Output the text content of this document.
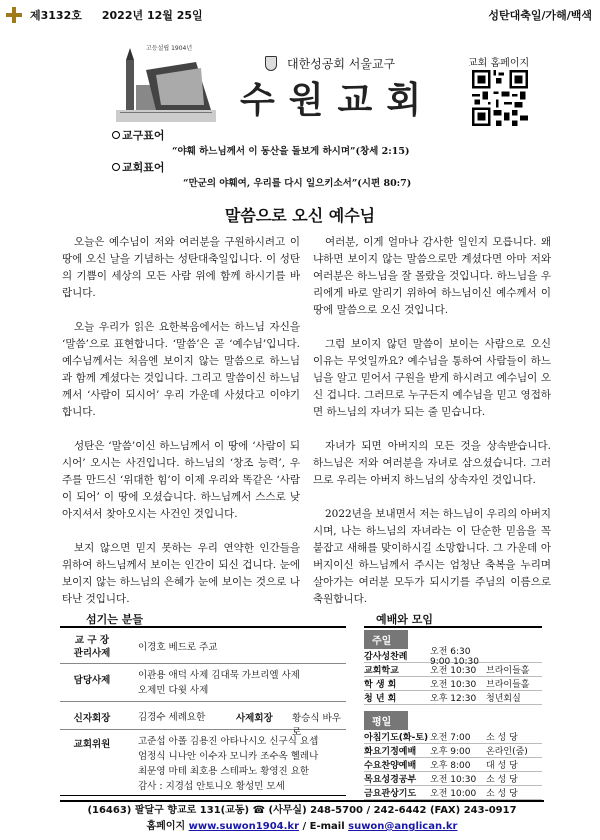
제3132호 2022년 12월 25일	성탄대축일/가해/백색
고등설립 1904년
대한성공회 서울교구
수원교회
교회 홈페이지
교구표어
“야훼 하느님께서 이 동산을 돌보게 하시며”(창세 2:15)
교회표어
“만군의 야훼여, 우리를 다시 일으키소서”(시편 80:7)
말씀으로 오신 예수님

오늘은 예수님이 저와 여러분을 구원하시려고 이 땅에 오신 날을 기념하는 성탄대축일입니다. 이 성탄의 기쁨이 세상의 모든 사람 위에 함께 하시기를 바랍니다.

오늘 우리가 읽은 요한복음에서는 하느님 자신을 ‘말씀’으로 표현합니다. ‘말씀’은 곧 ‘예수님’입니다. 예수님께서는 처음엔 보이지 않는 말씀으로 하느님과 함께 계셨다는 것입니다. 그리고 말씀이신 하느님께서 ‘사람이 되시어’ 우리 가운데 사셨다고 이야기합니다.

성탄은 ‘말씀’이신 하느님께서 이 땅에 ‘사람이 되시어’ 오시는 사건입니다. 하느님의 ‘창조 능력’, 우주를 만드신 ‘위대한 힘’이 이제 우리와 똑같은 ‘사람이 되어’ 이 땅에 오셨습니다. 하느님께서 스스로 낮아지셔서 찾아오시는 사건인 것입니다.

보지 않으면 믿지 못하는 우리 연약한 인간들을 위하여 하느님께서 보이는 인간이 되신 겁니다. 눈에 보이지 않는 하느님의 은혜가 눈에 보이는 것으로 나타난 것입니다.

여러분, 이게 얼마나 감사한 일인지 모릅니다. 왜냐하면 보이지 않는 말씀으로만 계셨다면 아마 저와 여러분은 하느님을 잘 몰랐을 것입니다. 하느님을 우리에게 바로 알리기 위하여 하느님이신 예수께서 이 땅에 말씀으로 오신 것입니다.

그럼 보이지 않던 말씀이 보이는 사람으로 오신 이유는 무엇일까요? 예수님을 통하여 사람들이 하느님을 알고 믿어서 구원을 받게 하시려고 예수님이 오신 겁니다. 그러므로 누구든지 예수님을 믿고 영접하면 하느님의 자녀가 되는 줄 믿습니다.

자녀가 되면 아버지의 모든 것을 상속받습니다. 하느님은 저와 여러분을 자녀로 삼으셨습니다. 그러므로 우리는 아버지 하느님의 상속자인 것입니다.

2022년을 보내면서 저는 하느님이 우리의 아버지시며, 나는 하느님의 자녀라는 이 단순한 믿음을 꼭 붙잡고 새해를 맞이하시길 소망합니다. 그 가운데 아버지이신 하느님께서 주시는 엄청난 축복을 누리며 살아가는 여러분 모두가 되시기를 주님의 이름으로 축원합니다.

섬기는 분들
교 구 장
관리사제
이경호 베드로 주교
담당사제	이관용 애덕 사제 김대묵 가브리엘 사제
오제민 다윗 사제
신자회장	김경수 세례요한	사제회장 황승식 바우로
교회위원	고준섭 아폴 김용진 아타나시오 신구식 요셉
엄정식 니나안 이수자 모니카 조수옥 헬레나
최문영 마테 최호용 스테파노 황영진 요한
감사 : 지경섭 안토니오 황성민 모세
예배와 모임
주일
감사성찬례	오전 6:30 9:00 10:30
교회학교	오전 10:30	브라이들홀
학 생 회	오전 10:30	브라이들홀
청 년 회	오후 12:30	청년회실
평일
아침기도(화-토) 오전 7:00	소 성 당
화요기정예배	오후 9:00	온라인(줌)
수요찬양예배	오후 8:00	대 성 당
목요성경공부	오전 10:30	소 성 당
금요관상기도	오전 10:00	소 성 당
(16463) 팔달구 향교로 131(교동) ☎ (사무실) 248-5700 / 242-6442 (FAX) 243-0917
홈페이지 www.suwon1904.kr / E-mail suwon@anglican.kr
